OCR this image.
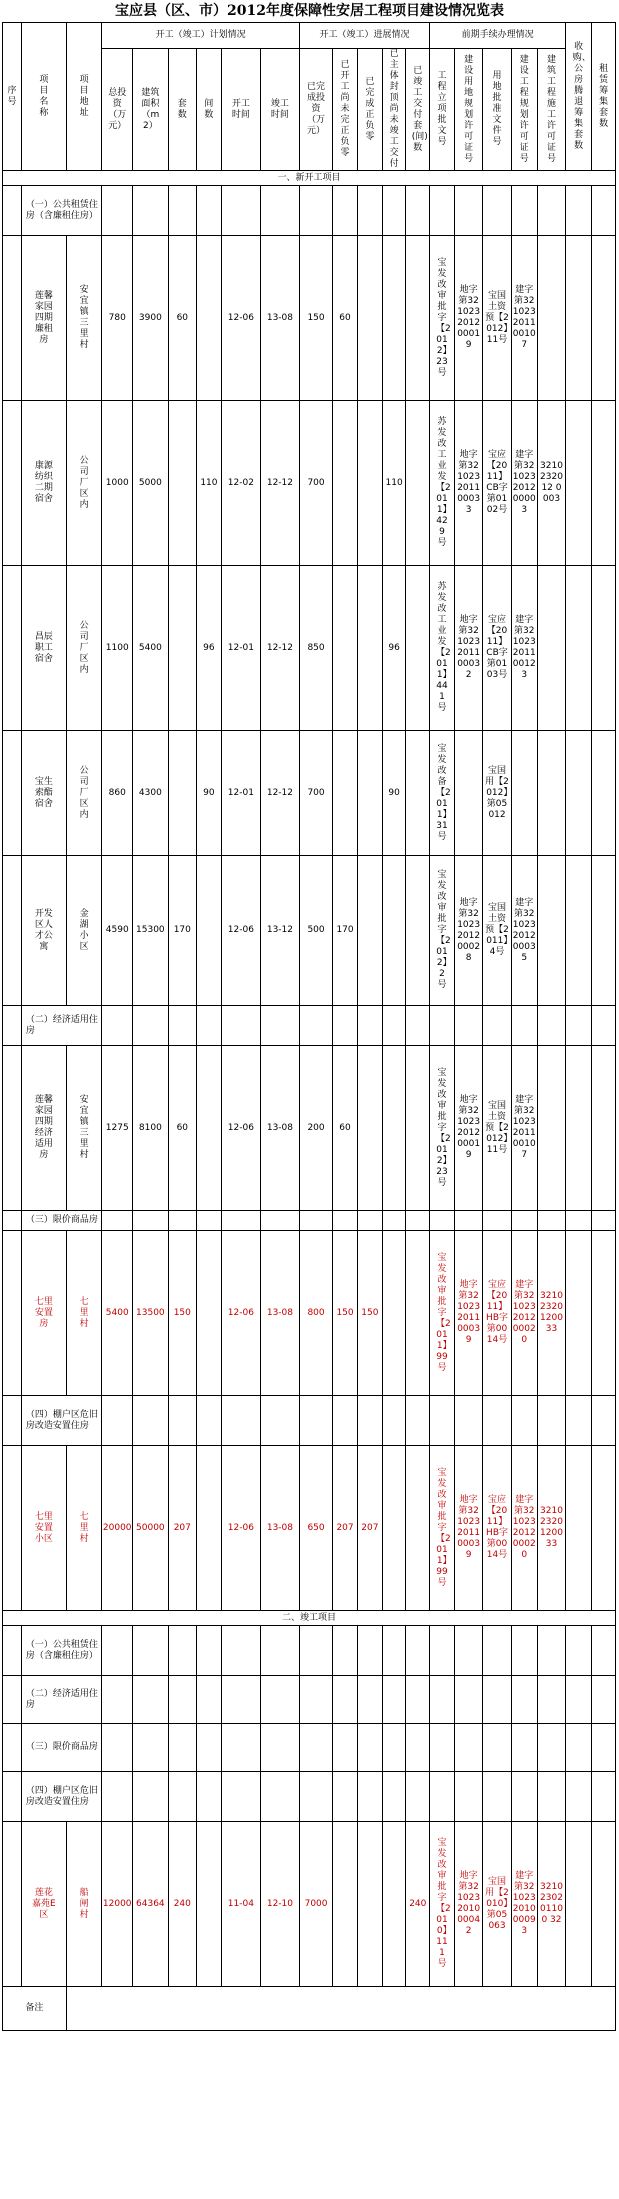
宝应县（区、市）2012年度保障性安居工程项目建设情况览表
序号	项目名称	项目地址	开工（竣工）计划情况						开工（竣工）进展情况					前期手续办理情况					收购、公房腾退筹集套数	租赁筹集套数
			总投资（万元）	建筑面积（m2）	套数	间数	开工时间	竣工时间	已完成投资（万元）	已开工尚未完正负零	已完成正负零	已主体封顶尚未竣工交付	已竣工交付套(间)数	工程立项批文号	建设用地规划许可证号	用地批准文件号	建设工程规划许可证号	建筑工程施工许可证号		
一、新开工项目																				
	（一）公共租赁住房（含廉租住房）																			
	莲馨家园四期廉租房	安宜镇三里村	780	3900	60		12-06	13-08	150	60				宝发改审批字【2012】23号	地字第321023201200019	宝国土资预【2012】11号	建字第321023201100107			
	康源纺织二期宿舍	公司厂区内	1000	5000		110	12-02	12-12	700			110		苏发改工业发【2011】429号	地字第321023201100033	宝应【2011】CB字第0102号	建字第321023201200003	3210232012 0003		
	昌辰职工宿舍	公司厂区内	1100	5400		96	12-01	12-12	850			96		苏发改工业发【2011】441号	地字第321023201100032	宝应【2011】CB字第0103号	建字第321023201100123			
	宝生索酯宿舍	公司厂区内	860	4300		90	12-01	12-12	700			90		宝发改备【2011】31号		宝国用【2012】第05012				
	开发区人才公寓	金湖小区	4590	15300	170		12-06	13-12	500	170				宝发改审批字【2012】2号	地字第321023201200028	宝国土资预【2011】4号	建字第321023201200035			
	（二）经济适用住房																			
	莲馨家园四期经济适用房	安宜镇三里村	1275	8100	60		12-06	13-08	200	60				宝发改审批字【2012】23号	地字第321023201200019	宝国土资预【2012】11号	建字第321023201100107			
	（三）限价商品房																			
	七里安置房	七里村	5400	13500	150		12-06	13-08	800	150	150			宝发改审批字【2011】99号	地字第321023201100039	宝应【2011】HB字第0014号	建字第321023201200020	321023201200 33		
	（四）棚户区危旧房改造安置住房																			
	七里安置小区	七里村	20000	50000	207		12-06	13-08	650	207	207			宝发改审批字【2011】99号	地字第321023201100039	宝应【2011】HB字第0014号	建字第321023201200020	321023201200 33		
二、竣工项目																				
	（一）公共租赁住房（含廉租住房）																			
	（二）经济适用住房																			
	（三）限价商品房																			
	（四）棚户区危旧房改造安置住房																			
	莲花嘉苑E区	船闸村	12000	64364	240		11-04	12-10	7000				240	宝发改审批字【2010】111号	地字第321023201000042	宝国用【2010】第05063	建字第321023201000093	3210230201100 32		
备注																				
